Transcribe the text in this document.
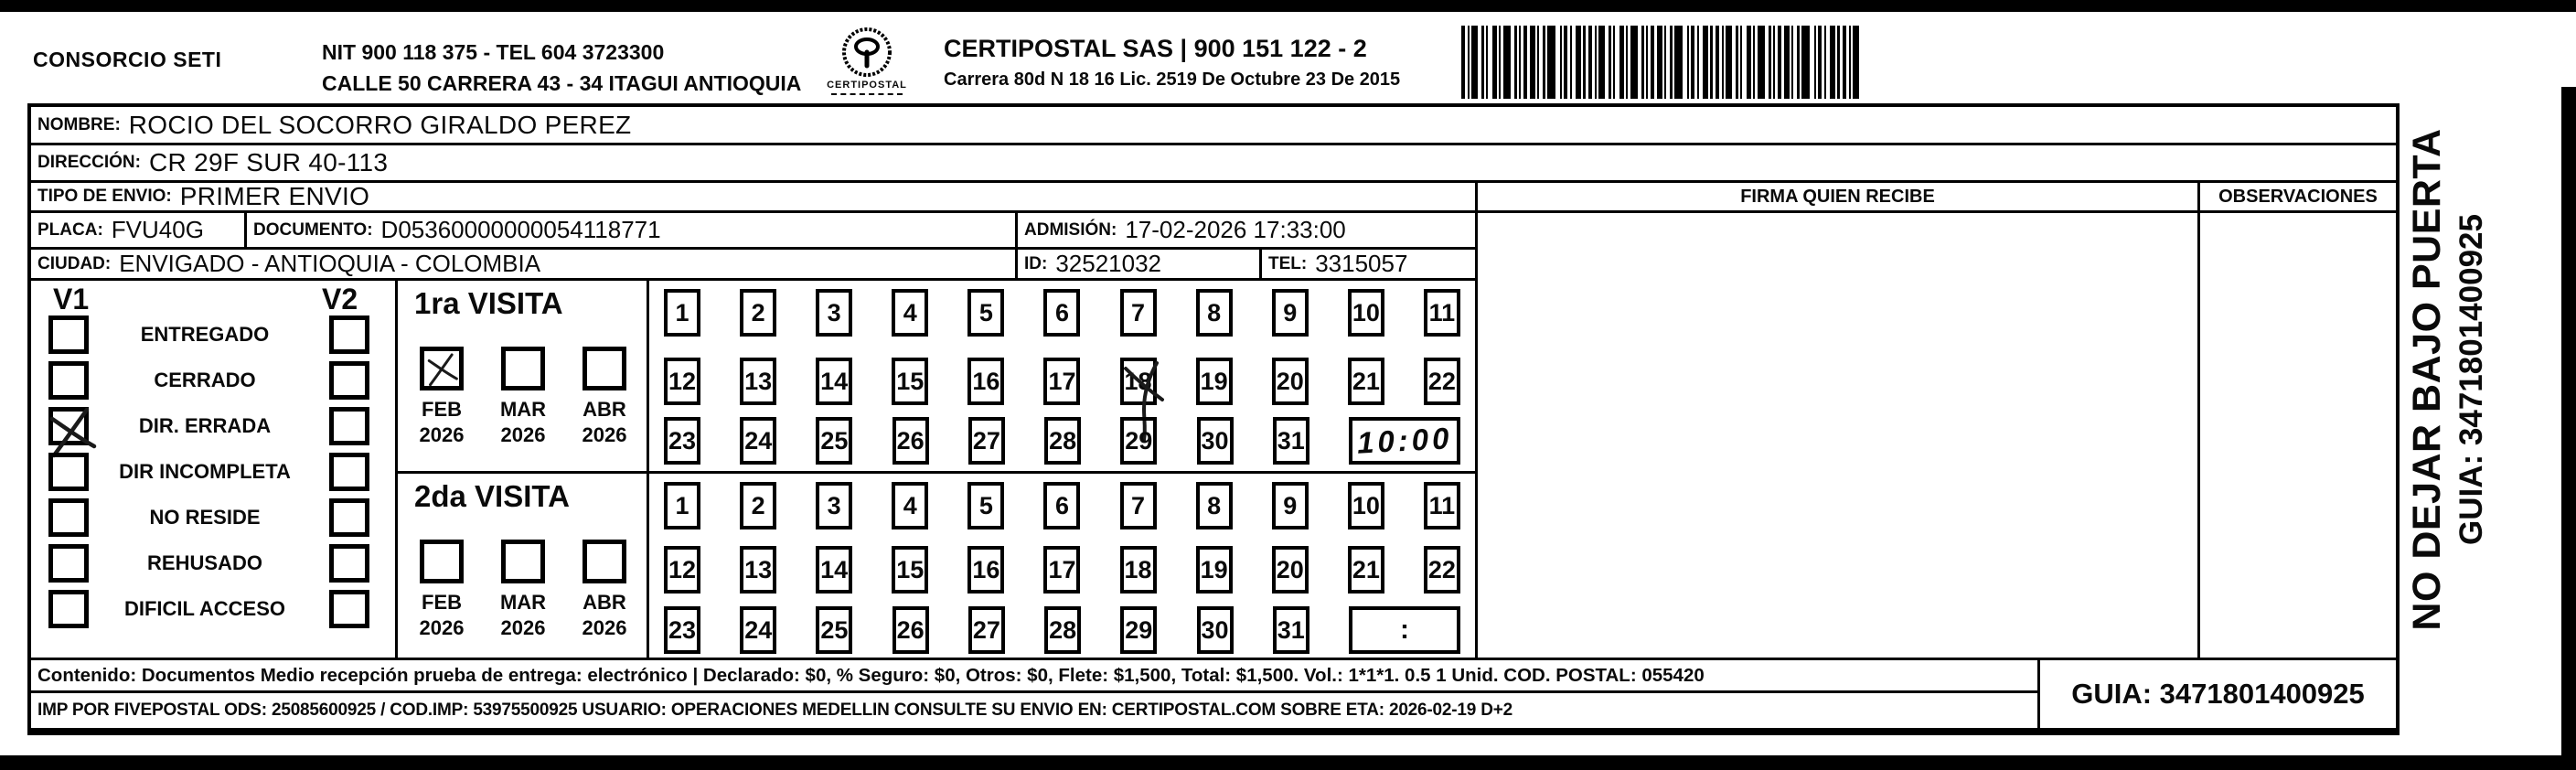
CONSORCIO SETI	NIT 900 118 375 - TEL 604 3723300
CALLE 50 CARRERA 43 - 34 ITAGUI ANTIOQUIA	CERTIPOSTAL
CERTIPOSTAL SAS | 900 151 122 - 2
Carrera 80d N 18 16 Lic. 2519 De Octubre 23 De 2015
NOMBRE: ROCIO DEL SOCORRO GIRALDO PEREZ
DIRECCIÓN: CR 29F SUR 40-113
TIPO DE ENVIO: PRIMER ENVIO	FIRMA QUIEN RECIBE	OBSERVACIONES
PLACA: FVU40G	DOCUMENTO: D05360000000054118771	ADMISIÓN: 17-02-2026 17:33:00
CIUDAD: ENVIGADO - ANTIOQUIA - COLOMBIA	ID: 32521032	TEL: 3315057
V1	V2
ENTREGADO
CERRADO
DIR. ERRADA
DIR INCOMPLETA
NO RESIDE
REHUSADO
DIFICIL ACCESO
1ra VISITA
FEB
2026
MAR
2026
ABR
2026
1	2	3	4	5	6	7	8	9	10 11
12 13 14 15 16 17 18 19 20 21 22
23 24 25 26 27 28 29 30 31 10:00
2da VISITA
FEB
2026
MAR
2026
ABR
2026
1	2	3	4	5	6	7	8	9	10 11
12 13 14 15 16 17 18 19 20 21 22
23 24 25 26 27 28 29 30 31	:
Contenido: Documentos Medio recepción prueba de entrega: electrónico | Declarado: $0, % Seguro: $0, Otros: $0, Flete: $1,500, Total: $1,500. Vol.: 1*1*1. 0.5 1 Unid. COD. POSTAL: 055420
IMP POR FIVEPOSTAL ODS: 25085600925 / COD.IMP: 53975500925 USUARIO: OPERACIONES MEDELLIN CONSULTE SU ENVIO EN: CERTIPOSTAL.COM SOBRE ETA: 2026-02-19 D+2
GUIA: 3471801400925
NO DEJAR BAJO PUERTA GUIA: 3471801400925
